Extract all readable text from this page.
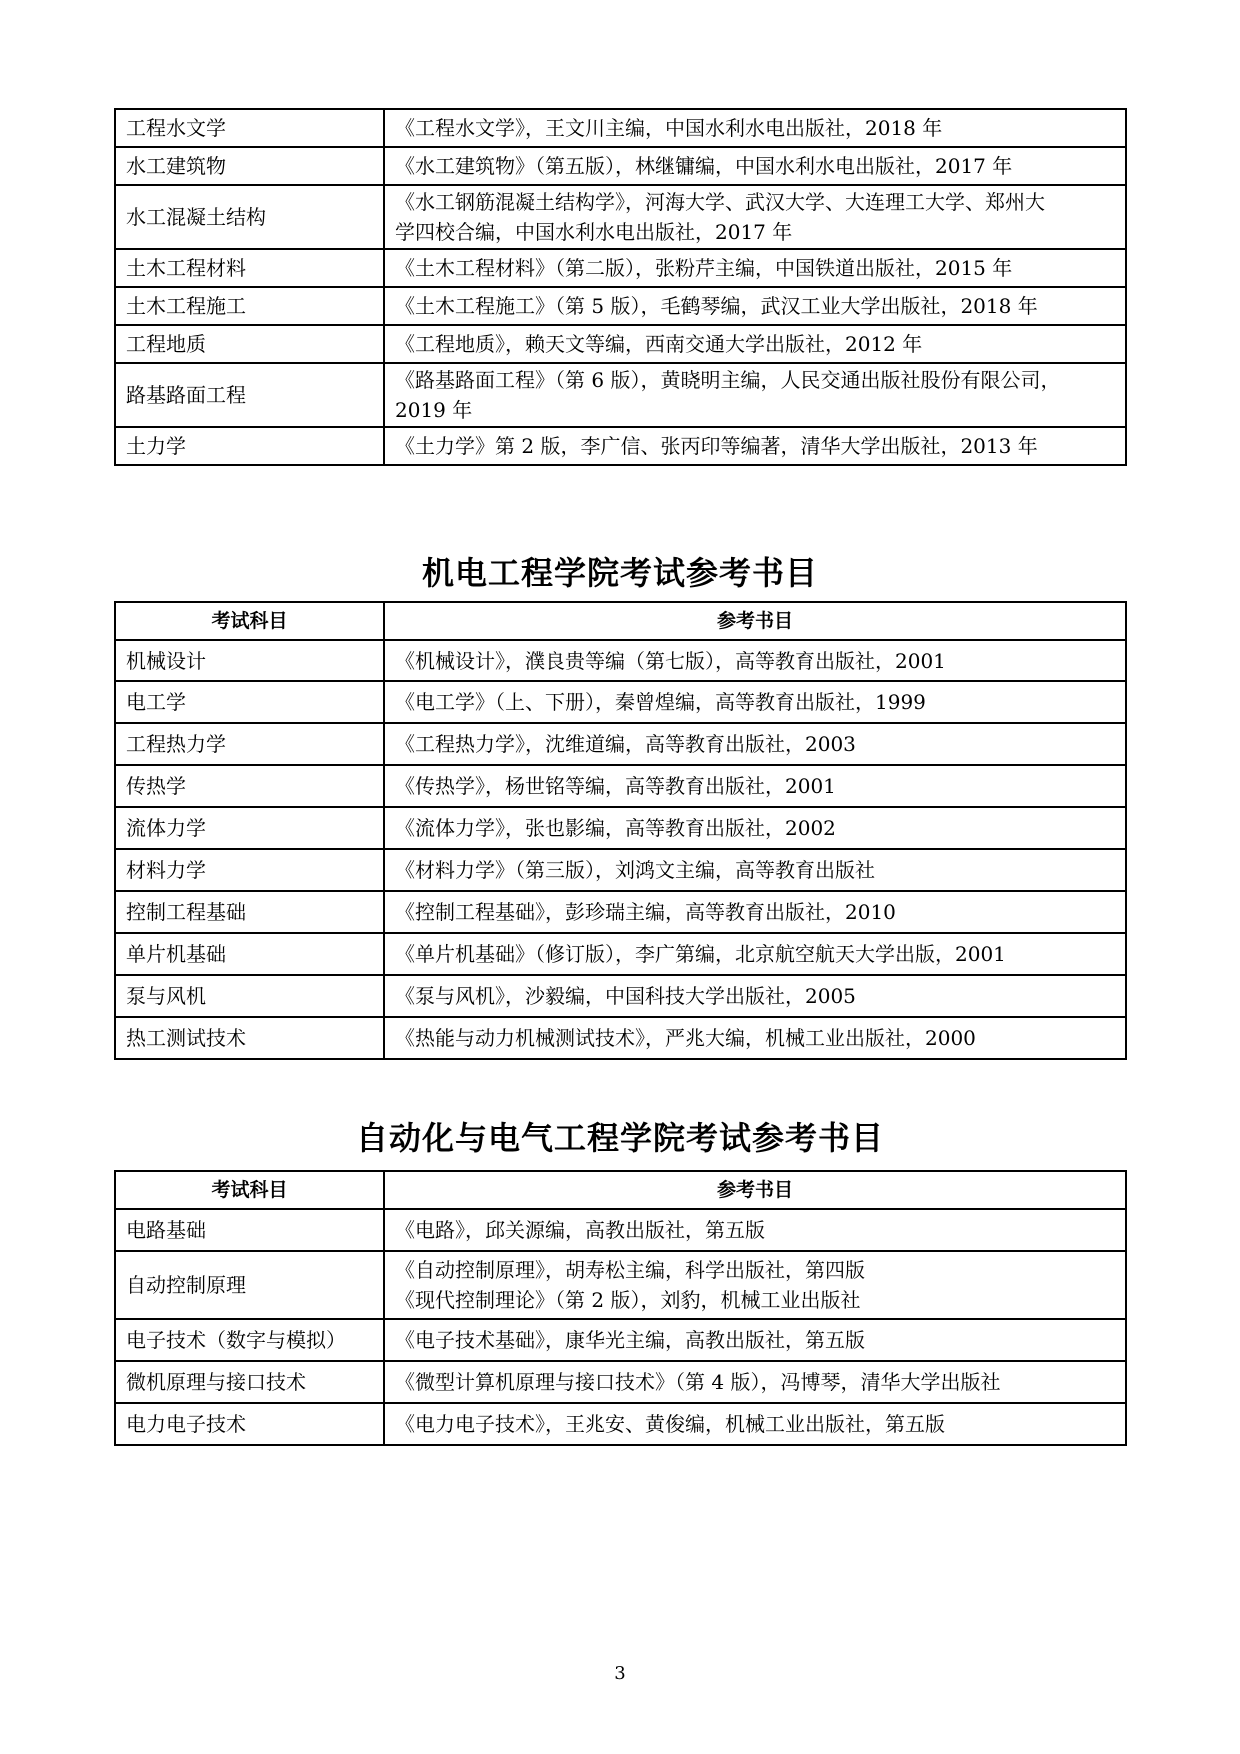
工程水文学	《工程水文学》，王文川主编，中国水利水电出版社，2018 年

水工建筑物	《水工建筑物》（第五版），林继镛编，中国水利水电出版社，2017 年

水工混凝土结构	《水工钢筋混凝土结构学》，河海大学、武汉大学、大连理工大学、郑州大
学四校合编，中国水利水电出版社，2017 年

土木工程材料	《土木工程材料》（第二版），张粉芹主编，中国铁道出版社，2015 年

土木工程施工	《土木工程施工》（第 5 版），毛鹤琴编，武汉工业大学出版社，2018 年

工程地质	《工程地质》，赖天文等编，西南交通大学出版社，2012 年

路基路面工程	《路基路面工程》（第 6 版），黄晓明主编，人民交通出版社股份有限公司，
2019 年

土力学	《土力学》第 2 版，李广信、张丙印等编著，清华大学出版社，2013 年
机电工程学院考试参考书目
考试科目	参考书目
机械设计	《机械设计》，濮良贵等编（第七版），高等教育出版社，2001

电工学	《电工学》（上、下册），秦曾煌编，高等教育出版社，1999

工程热力学	《工程热力学》，沈维道编，高等教育出版社，2003

传热学	《传热学》，杨世铭等编，高等教育出版社，2001

流体力学	《流体力学》，张也影编，高等教育出版社，2002

材料力学	《材料力学》（第三版），刘鸿文主编，高等教育出版社

控制工程基础	《控制工程基础》，彭珍瑞主编，高等教育出版社，2010

单片机基础	《单片机基础》（修订版），李广第编，北京航空航天大学出版，2001

泵与风机	《泵与风机》，沙毅编，中国科技大学出版社，2005

热工测试技术	《热能与动力机械测试技术》，严兆大编，机械工业出版社，2000
自动化与电气工程学院考试参考书目
考试科目	参考书目
电路基础	《电路》，邱关源编，高教出版社，第五版

自动控制原理	《自动控制原理》，胡寿松主编，科学出版社，第四版
《现代控制理论》（第 2 版），刘豹，机械工业出版社

电子技术（数字与模拟）	《电子技术基础》，康华光主编，高教出版社，第五版

微机原理与接口技术	《微型计算机原理与接口技术》（第 4 版），冯博琴，清华大学出版社

电力电子技术	《电力电子技术》，王兆安、黄俊编，机械工业出版社，第五版
3
